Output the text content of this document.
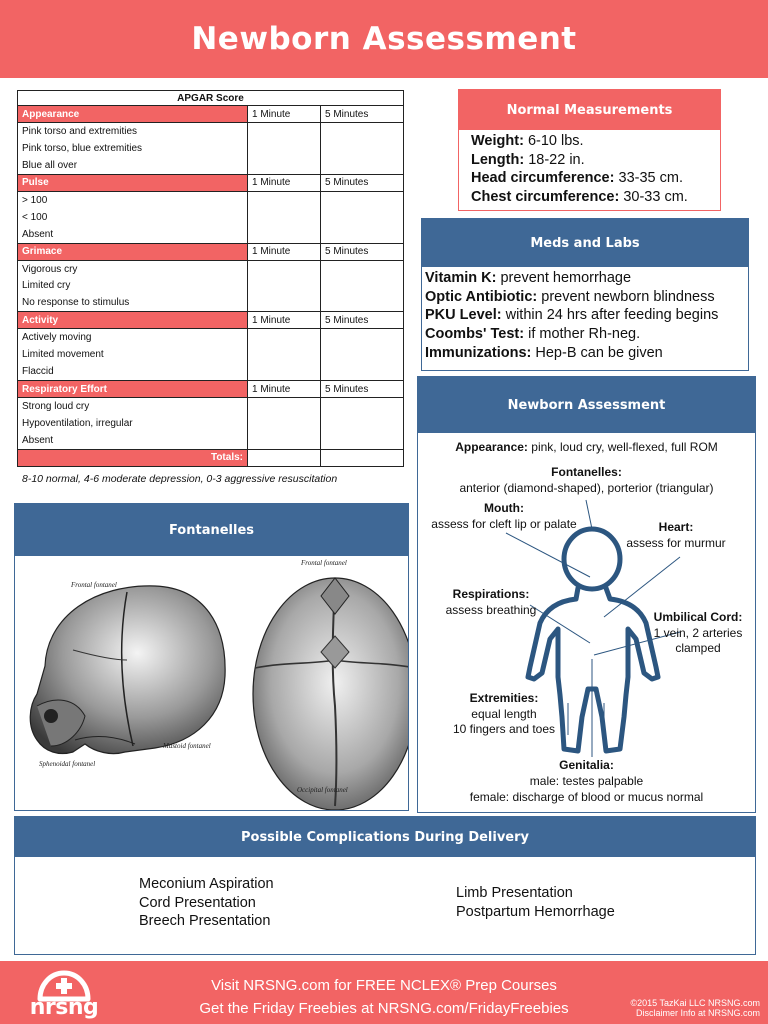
Newborn Assessment
APGAR Score		
Appearance	1 Minute	5 Minutes
Pink torso and extremities			
Pink torso, blue extremities			
Blue all over			
Pulse	1 Minute	5 Minutes
> 100			
< 100			
Absent			
Grimace	1 Minute	5 Minutes
Vigorous cry			
Limited cry			
No response to stimulus			
Activity	1 Minute	5 Minutes
Actively moving			
Limited movement			
Flaccid			
Respiratory Effort	1 Minute	5 Minutes
Strong loud cry			
Hypoventilation, irregular			
Absent			
Totals:		
8-10 normal, 4-6 moderate depression, 0-3 aggressive resuscitation
Normal Measurements
Weight: 6-10 lbs.
Length: 18-22 in.
Head circumference: 33-35 cm.
Chest circumference: 30-33 cm.
Meds and Labs
Vitamin K: prevent hemorrhage
Optic Antibiotic: prevent newborn blindness
PKU Level: within 24 hrs after feeding begins
Coombs' Test: if mother Rh-neg.
Immunizations: Hep-B can be given
Newborn Assessment
Appearance: pink, loud cry, well-flexed, full ROM
Fontanelles:
anterior (diamond-shaped), porterior (triangular)
Mouth:
assess for cleft lip or palate	Heart:
assess for murmur
Respirations:
assess breathing	Umbilical Cord:
1 vein, 2 arteries
clamped
Extremities:
equal length
10 fingers and toes
Genitalia:
male: testes palpable
female: discharge of blood or mucus normal
Fontanelles
Frontal fontanel
Mastoid fontanel
Sphenoidal fontanel
Frontal fontanel
Occipital fontanel
Possible Complications During Delivery
Meconium Aspiration
Cord Presentation
Breech Presentation
Limb Presentation
Postpartum Hemorrhage
nrsng
Visit NRSNG.com for FREE NCLEX® Prep Courses
Get the Friday Freebies at NRSNG.com/FridayFreebies	©2015 TazKai LLC NRSNG.com
Disclaimer Info at NRSNG.com
